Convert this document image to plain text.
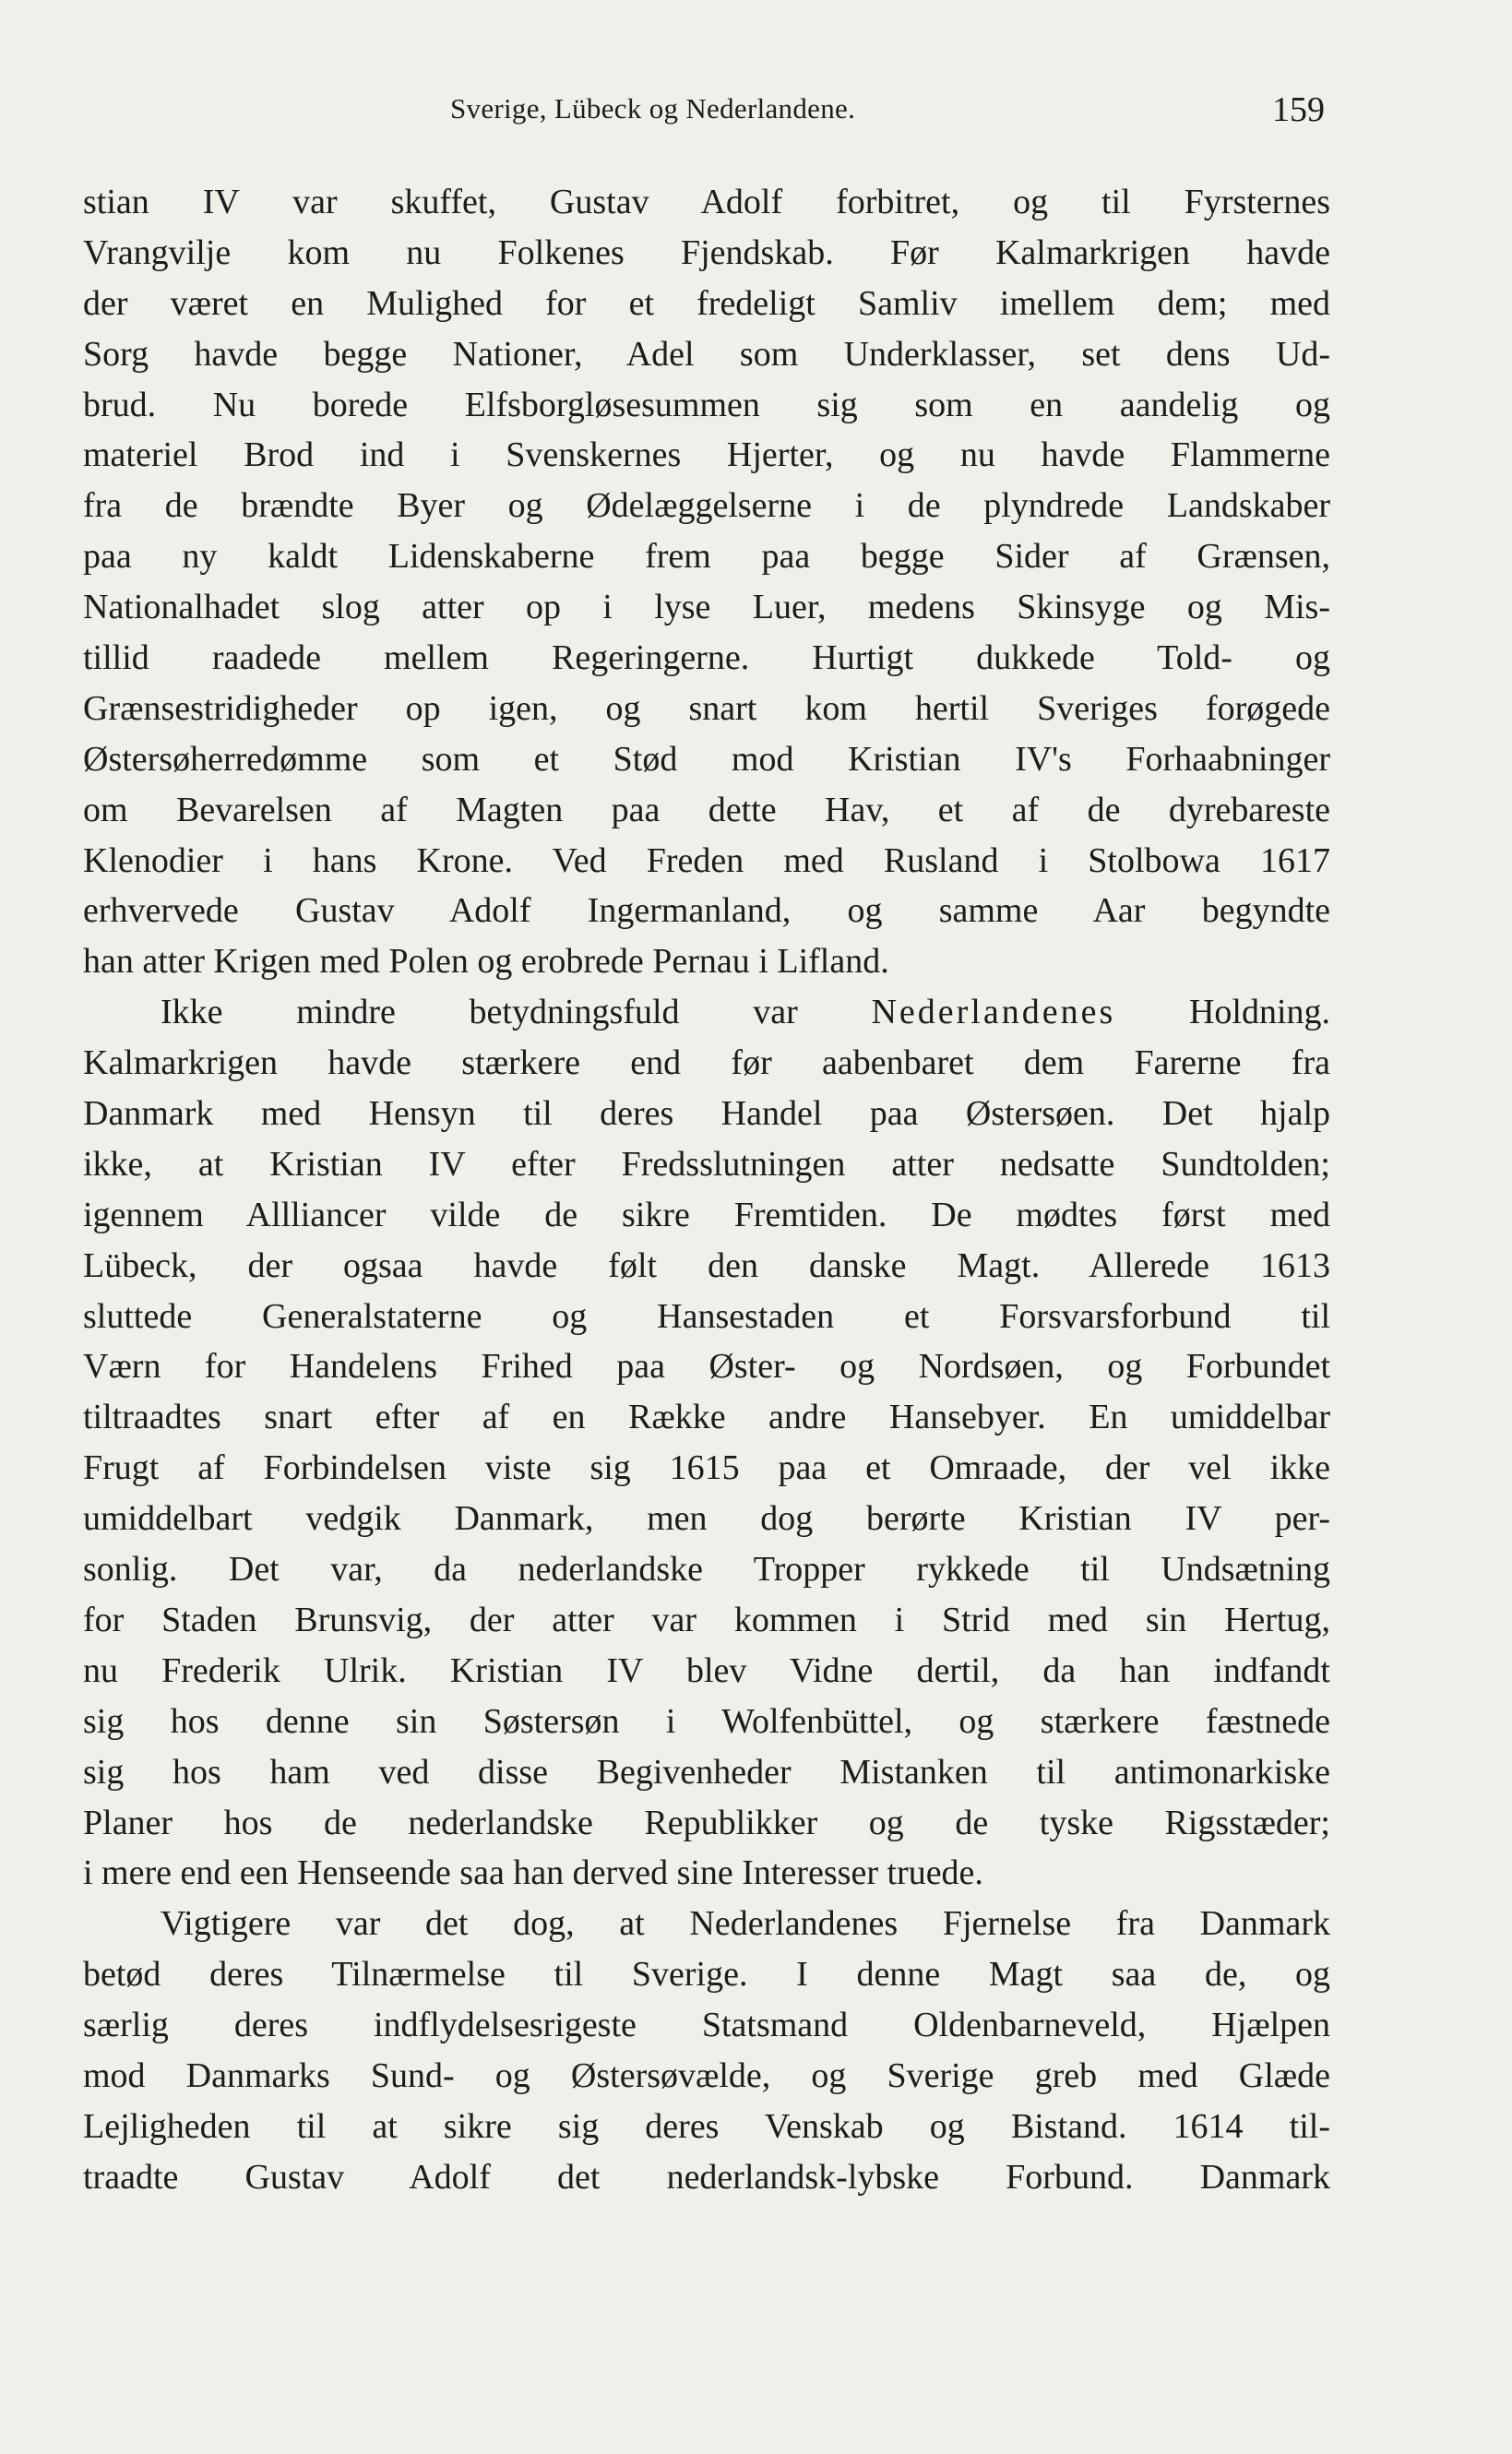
Sverige, Lübeck og Nederlandene.	159
stian IV var skuffet, Gustav Adolf forbitret, og til Fyrsternes
Vrangvilje kom nu Folkenes Fjendskab. Før Kalmarkrigen havde
der været en Mulighed for et fredeligt Samliv imellem dem; med
Sorg havde begge Nationer, Adel som Underklasser, set dens Ud-
brud. Nu borede Elfsborgløsesummen sig som en aandelig og
materiel Brod ind i Svenskernes Hjerter, og nu havde Flammerne
fra de brændte Byer og Ødelæggelserne i de plyndrede Landskaber
paa ny kaldt Lidenskaberne frem paa begge Sider af Grænsen,
Nationalhadet slog atter op i lyse Luer, medens Skinsyge og Mis-
tillid raadede mellem Regeringerne. Hurtigt dukkede Told- og
Grænsestridigheder op igen, og snart kom hertil Sveriges forøgede
Østersøherredømme som et Stød mod Kristian IV's Forhaabninger
om Bevarelsen af Magten paa dette Hav, et af de dyrebareste
Klenodier i hans Krone. Ved Freden med Rusland i Stolbowa 1617
erhvervede Gustav Adolf Ingermanland, og samme Aar begyndte
han atter Krigen med Polen og erobrede Pernau i Lifland.
Ikke mindre betydningsfuld var Nederlandenes Holdning.
Kalmarkrigen havde stærkere end før aabenbaret dem Farerne fra
Danmark med Hensyn til deres Handel paa Østersøen. Det hjalp
ikke, at Kristian IV efter Fredsslutningen atter nedsatte Sundtolden;
igennem Allliancer vilde de sikre Fremtiden. De mødtes først med
Lübeck, der ogsaa havde følt den danske Magt. Allerede 1613
sluttede Generalstaterne og Hansestaden et Forsvarsforbund til
Værn for Handelens Frihed paa Øster- og Nordsøen, og Forbundet
tiltraadtes snart efter af en Række andre Hansebyer. En umiddelbar
Frugt af Forbindelsen viste sig 1615 paa et Omraade, der vel ikke
umiddelbart vedgik Danmark, men dog berørte Kristian IV per-
sonlig. Det var, da nederlandske Tropper rykkede til Undsætning
for Staden Brunsvig, der atter var kommen i Strid med sin Hertug,
nu Frederik Ulrik. Kristian IV blev Vidne dertil, da han indfandt
sig hos denne sin Søstersøn i Wolfenbüttel, og stærkere fæstnede
sig hos ham ved disse Begivenheder Mistanken til antimonarkiske
Planer hos de nederlandske Republikker og de tyske Rigsstæder;
i mere end een Henseende saa han derved sine Interesser truede.
Vigtigere var det dog, at Nederlandenes Fjernelse fra Danmark
betød deres Tilnærmelse til Sverige. I denne Magt saa de, og
særlig deres indflydelsesrigeste Statsmand Oldenbarneveld, Hjælpen
mod Danmarks Sund- og Østersøvælde, og Sverige greb med Glæde
Lejligheden til at sikre sig deres Venskab og Bistand. 1614 til-
traadte Gustav Adolf det nederlandsk-lybske Forbund. Danmark
